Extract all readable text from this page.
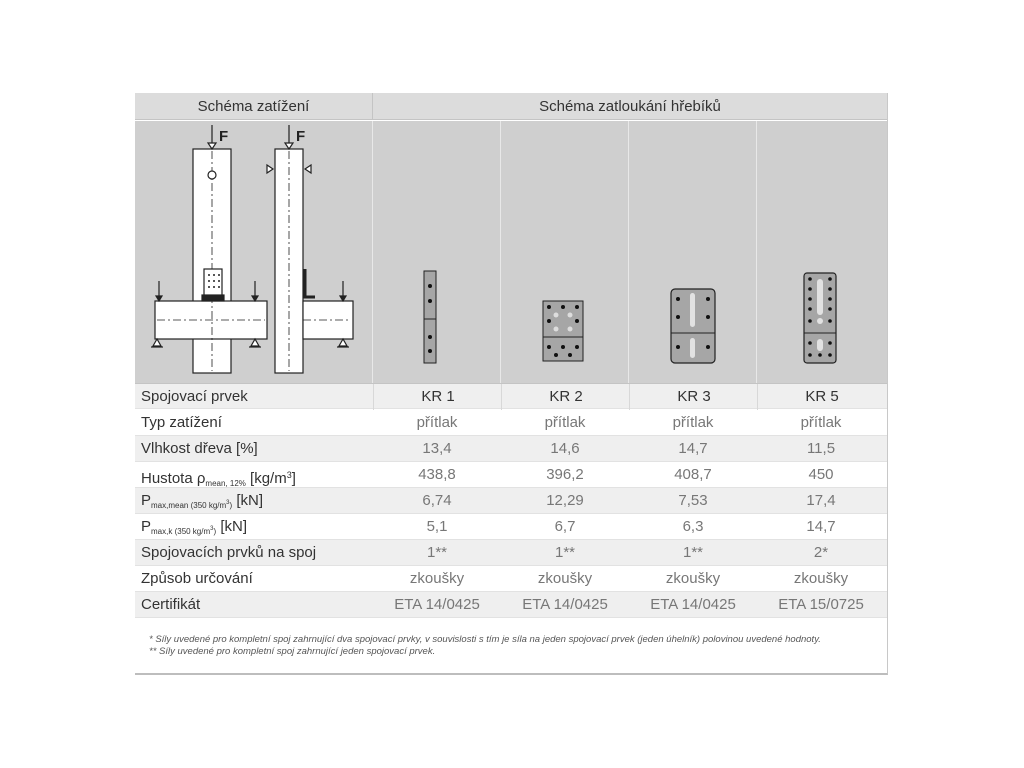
Schéma zatížení	Schéma zatloukání hřebíků
F	F
Spojovací prvek	KR 1	KR 2	KR 3	KR 5
Typ zatížení	přítlak	přítlak	přítlak	přítlak
Vlhkost dřeva [%]	13,4	14,6	14,7	11,5
Hustota $\rho_{mean, 12\%}$ $[kg/m^3]$	438,8	396,2	408,7	450
$P_{max,mean (350 kg/m^3)}$ [kN]	6,74	12,29	7,53	17,4
$P_{max,k (350 kg/m^3)}$ [kN]	5,1	6,7	6,3	14,7
Spojovacích prvků na spoj	1**	1**	1**	2*
Způsob určování	zkoušky	zkoušky	zkoušky	zkoušky
Certifikát	ETA 14/0425	ETA 14/0425	ETA 14/0425	ETA 15/0725
* Síly uvedené pro kompletní spoj zahrnující dva spojovací prvky, v souvislosti s tím je síla na jeden spojovací prvek (jeden úhelník) polovinou uvedené hodnoty.
** Síly uvedené pro kompletní spoj zahrnující jeden spojovací prvek.
